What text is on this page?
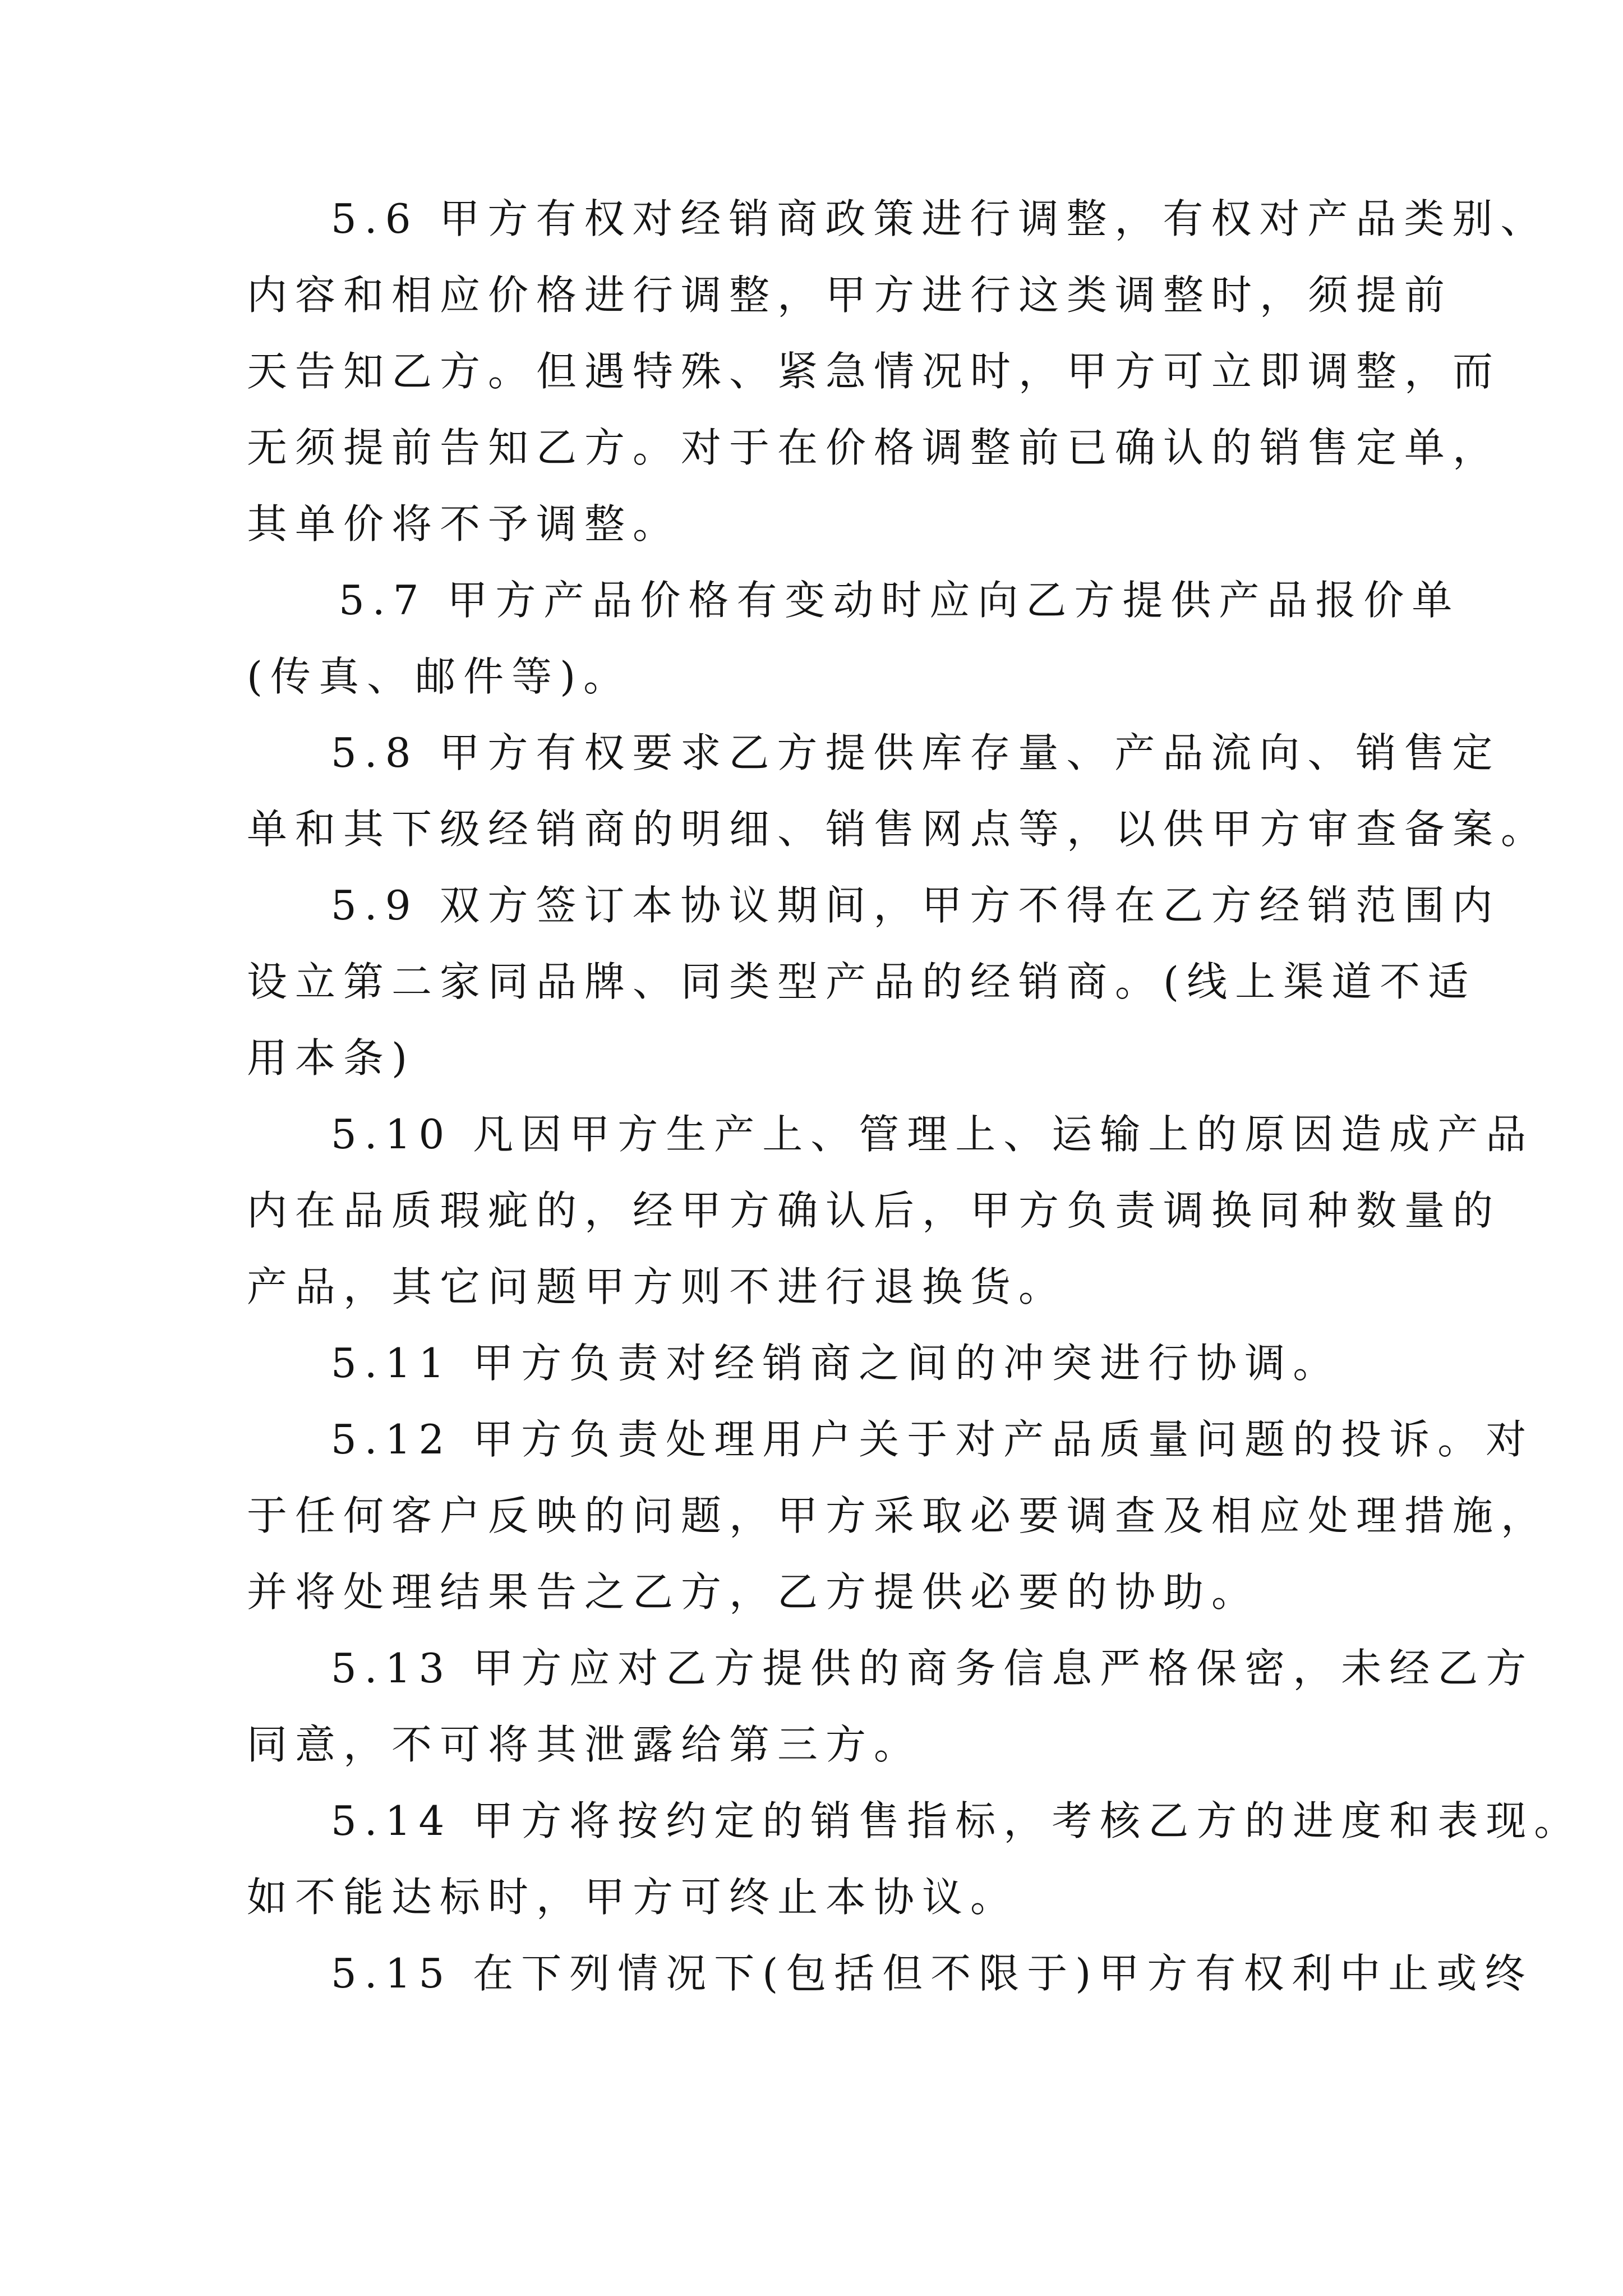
5.6 甲方有权对经销商政策进行调整，有权对产品类别、
内容和相应价格进行调整，甲方进行这类调整时，须提前
天告知乙方。但遇特殊、紧急情况时，甲方可立即调整，而
无须提前告知乙方。对于在价格调整前已确认的销售定单，
其单价将不予调整。
5.7 甲方产品价格有变动时应向乙方提供产品报价单
(传真、邮件等)。
5.8 甲方有权要求乙方提供库存量、产品流向、销售定
单和其下级经销商的明细、销售网点等，以供甲方审查备案。
5.9 双方签订本协议期间，甲方不得在乙方经销范围内
设立第二家同品牌、同类型产品的经销商。(线上渠道不适
用本条)
5.10 凡因甲方生产上、管理上、运输上的原因造成产品
内在品质瑕疵的，经甲方确认后，甲方负责调换同种数量的
产品，其它问题甲方则不进行退换货。
5.11 甲方负责对经销商之间的冲突进行协调。
5.12 甲方负责处理用户关于对产品质量问题的投诉。对
于任何客户反映的问题，甲方采取必要调查及相应处理措施，
并将处理结果告之乙方，乙方提供必要的协助。
5.13 甲方应对乙方提供的商务信息严格保密，未经乙方
同意，不可将其泄露给第三方。
5.14 甲方将按约定的销售指标，考核乙方的进度和表现。
如不能达标时，甲方可终止本协议。
5.15 在下列情况下(包括但不限于)甲方有权利中止或终
